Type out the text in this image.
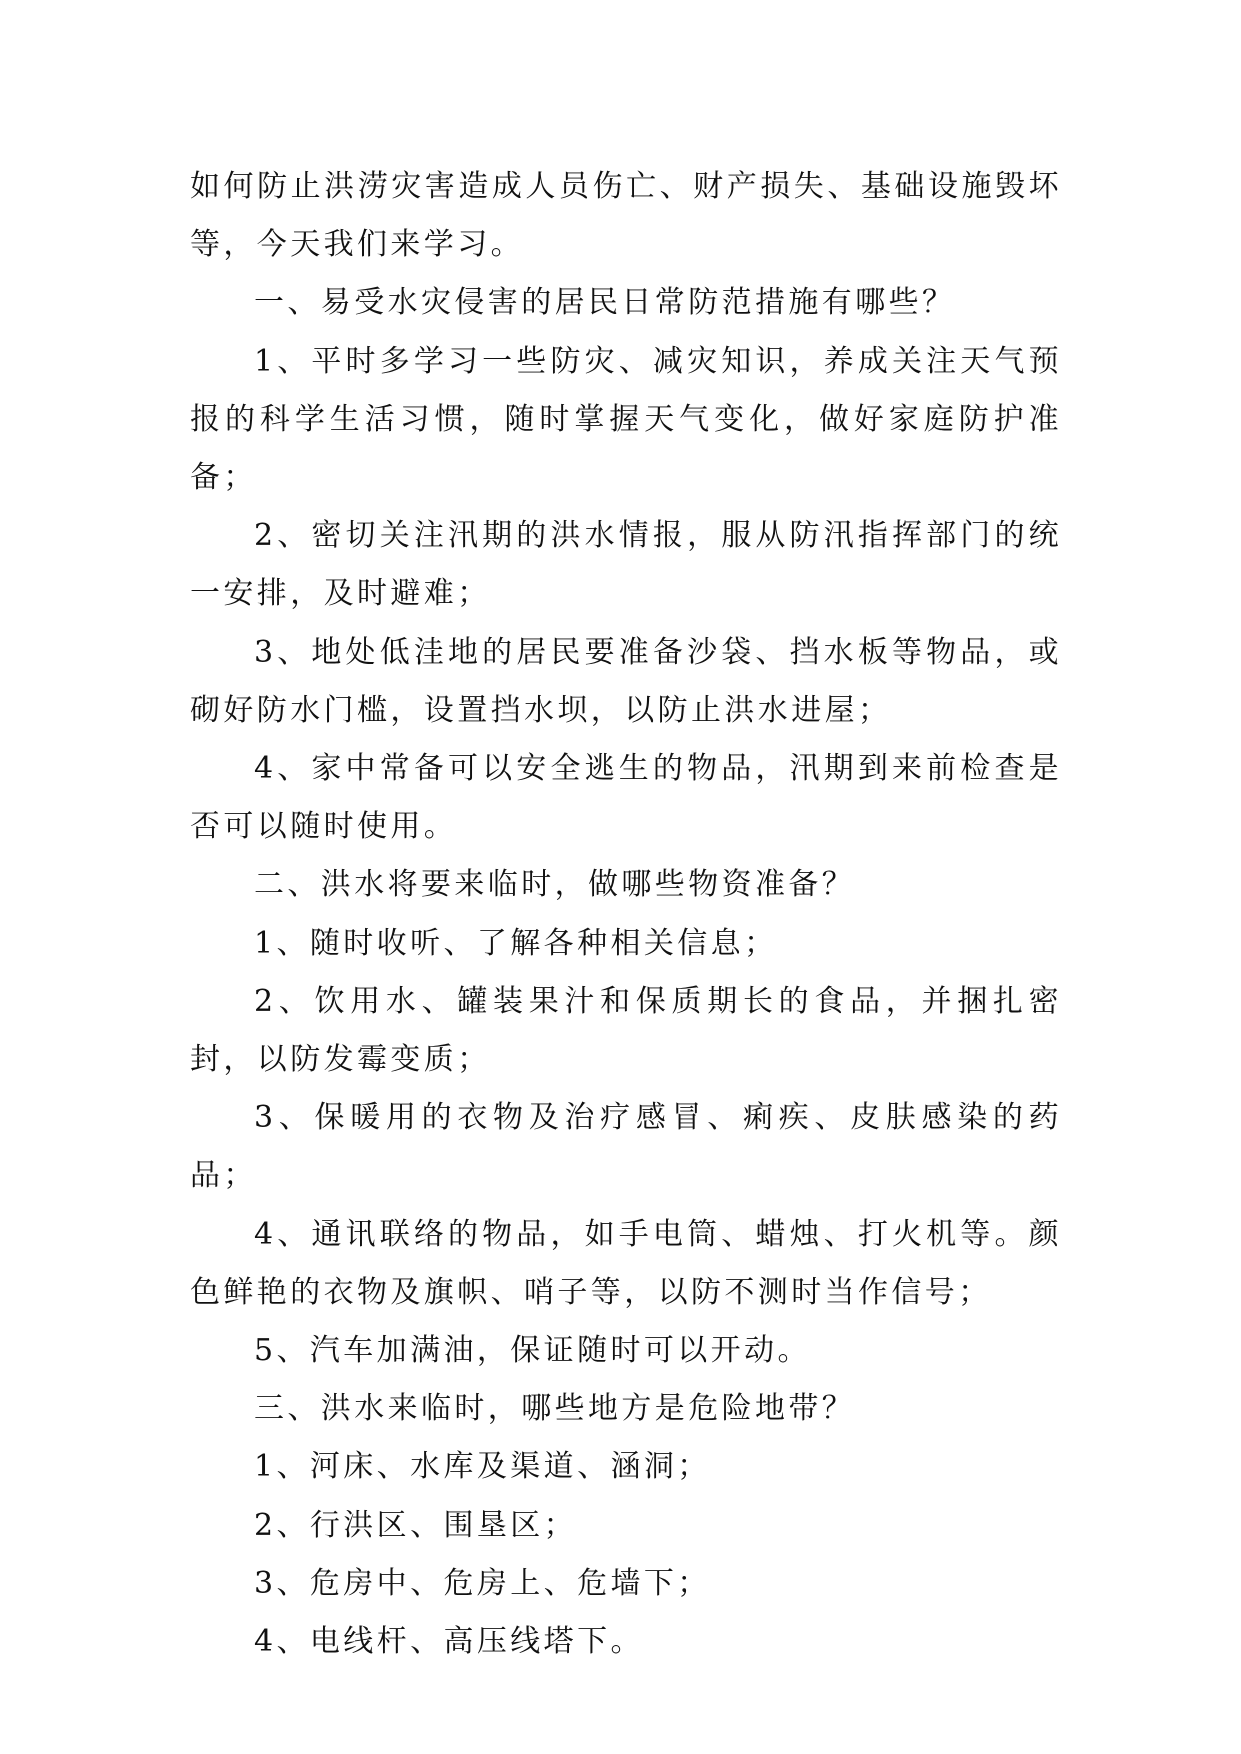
如何防止洪涝灾害造成人员伤亡、财产损失、基础设施毁坏等，今天我们来学习。

一、易受水灾侵害的居民日常防范措施有哪些？

1、平时多学习一些防灾、减灾知识，养成关注天气预报的科学生活习惯，随时掌握天气变化，做好家庭防护准备；

2、密切关注汛期的洪水情报，服从防汛指挥部门的统一安排，及时避难；

3、地处低洼地的居民要准备沙袋、挡水板等物品，或砌好防水门槛，设置挡水坝，以防止洪水进屋；

4、家中常备可以安全逃生的物品，汛期到来前检查是否可以随时使用。

二、洪水将要来临时，做哪些物资准备？

1、随时收听、了解各种相关信息；

2、饮用水、罐装果汁和保质期长的食品，并捆扎密封，以防发霉变质；

3、保暖用的衣物及治疗感冒、痢疾、皮肤感染的药品；

4、通讯联络的物品，如手电筒、蜡烛、打火机等。颜色鲜艳的衣物及旗帜、哨子等，以防不测时当作信号；

5、汽车加满油，保证随时可以开动。

三、洪水来临时，哪些地方是危险地带？

1、河床、水库及渠道、涵洞；

2、行洪区、围垦区；

3、危房中、危房上、危墙下；

4、电线杆、高压线塔下。
